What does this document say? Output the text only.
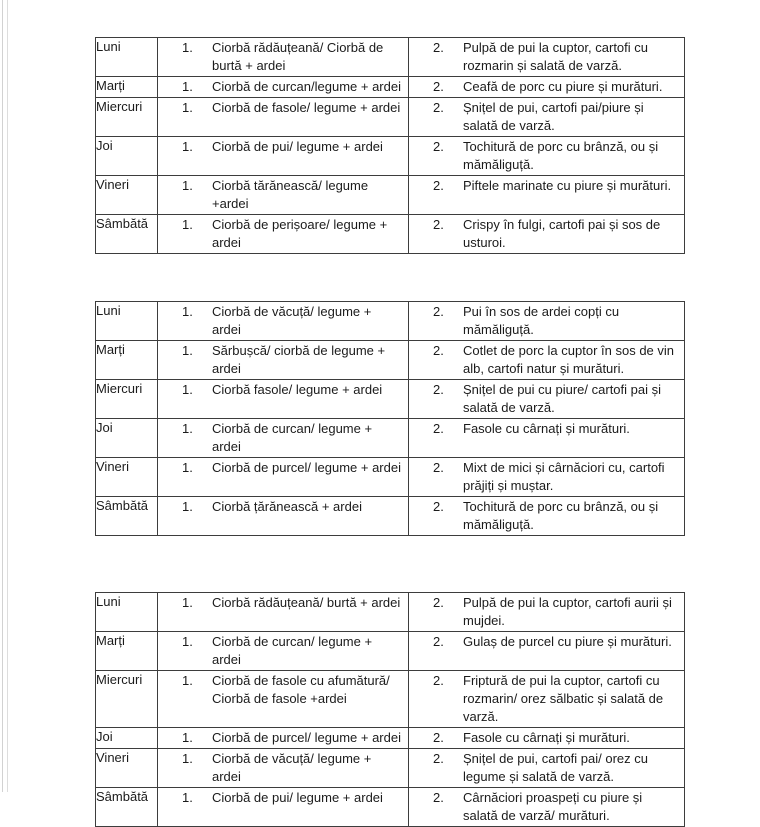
Luni	1. Ciorbă rădăuțeană/ Ciorbă de burtă + ardei	2. Pulpă de pui la cuptor, cartofi cu rozmarin și salată de varză.

Marți	1. Ciorbă de curcan/legume + ardei	2. Ceafă de porc cu piure și murături.

Miercuri	1. Ciorbă de fasole/ legume + ardei	2. Șnițel de pui, cartofi pai/piure și salată de varză.

Joi	1. Ciorbă de pui/ legume + ardei	2. Tochitură de porc cu brânză, ou și mămăliguță.

Vineri	1. Ciorbă tărănească/ legume +ardei	2. Piftele marinate cu piure și murături.

Sâmbătă	1. Ciorbă de perișoare/ legume + ardei	2. Crispy în fulgi, cartofi pai și sos de usturoi.
Luni	1. Ciorbă de văcuță/ legume + ardei	2. Pui în sos de ardei copți cu mămăliguță.

Marți	1. Sărbușcă/ ciorbă de legume + ardei	2. Cotlet de porc la cuptor în sos de vin alb, cartofi natur și murături.

Miercuri	1. Ciorbă fasole/ legume + ardei	2. Șnițel de pui cu piure/ cartofi pai și salată de varză.

Joi	1. Ciorbă de curcan/ legume + ardei	2. Fasole cu cârnați și murături.

Vineri	1. Ciorbă de purcel/ legume + ardei	2. Mixt de mici și cârnăciori cu, cartofi prăjiți și muștar.

Sâmbătă	1. Ciorbă țărănească + ardei	2. Tochitură de porc cu brânză, ou și mămăliguță.
Luni	1. Ciorbă rădăuțeană/ burtă + ardei	2. Pulpă de pui la cuptor, cartofi aurii și mujdei.

Marți	1. Ciorbă de curcan/ legume + ardei	2. Gulaș de purcel cu piure și murături.

Miercuri	1. Ciorbă de fasole cu afumătură/ Ciorbă de fasole +ardei	2. Friptură de pui la cuptor, cartofi cu rozmarin/ orez sălbatic și salată de varză.

Joi	1. Ciorbă de purcel/ legume + ardei	2. Fasole cu cârnați și murături.

Vineri	1. Ciorbă de văcuță/ legume + ardei	2. Șnițel de pui, cartofi pai/ orez cu legume și salată de varză.

Sâmbătă	1. Ciorbă de pui/ legume + ardei	2. Cârnăciori proaspeți cu piure și salată de varză/ murături.
